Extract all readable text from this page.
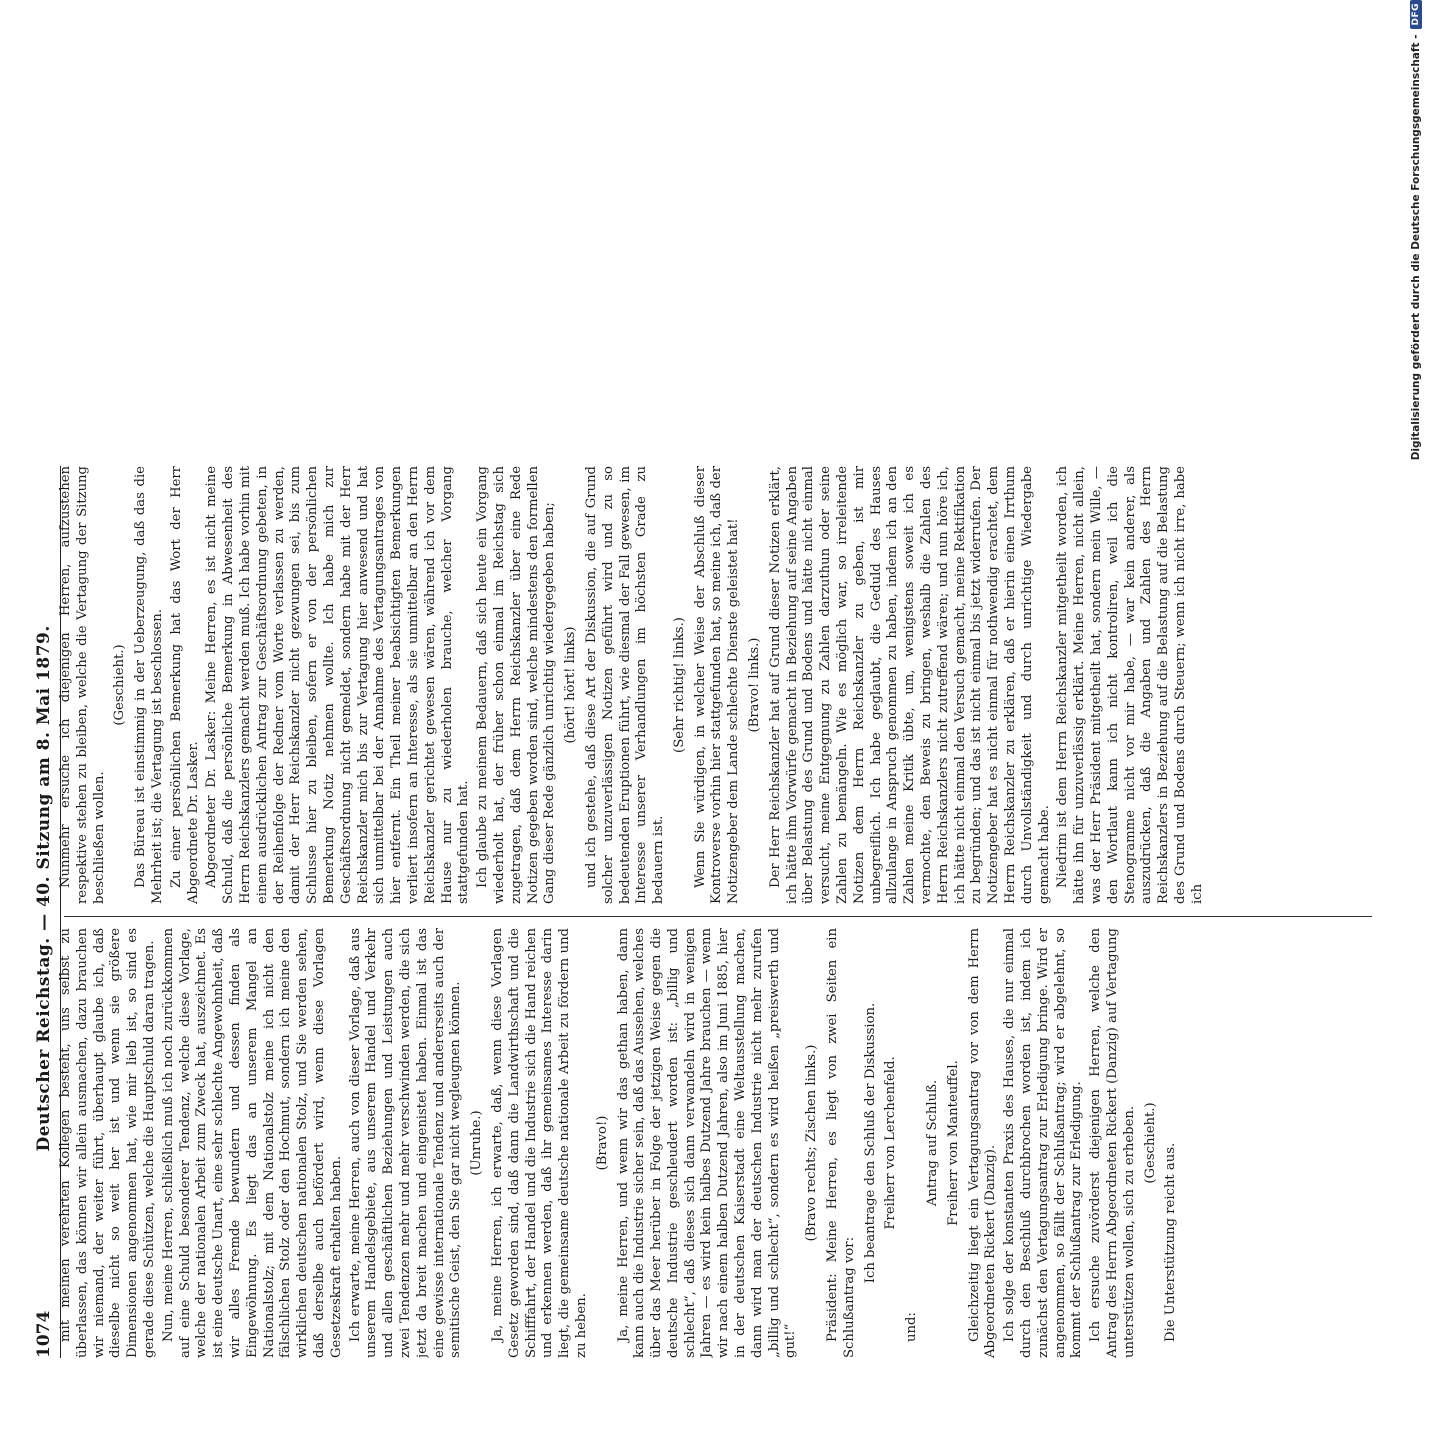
1074
Deutscher Reichstag. — 40. Sitzung am 8. Mai 1879. mit meinen verehrten Kollegen besteht, uns selbst zu überlassen, das können wir allein ausmachen, dazu brauchen wir niemand, der weiter führt, überhaupt glaube ich, daß dieselbe nicht so weit her ist und wenn sie größere Dimensionen angenommen hat, wie mir lieb ist, so sind es gerade diese Schützen, welche die Hauptschuld daran tragen. Nun, meine Herren, schließlich muß ich noch zurückkommen auf eine Schuld besonderer Tendenz, welche diese Vorlage, welche der nationalen Arbeit zum Zweck hat, auszeichnet. Es ist eine deutsche Unart, eine sehr schlechte Angewohnheit, daß wir alles Fremde bewundern und dessen finden als Eingewöhnung. Es liegt das an unserem Mangel an Nationalstolz; mit dem Nationalstolz meine ich nicht den fälschlichen Stolz oder den Hochmut, sondern ich meine den wirklichen deutschen nationalen Stolz, und Sie werden sehen, daß derselbe auch befördert wird, wenn diese Vorlagen Gesetzeskraft erhalten haben. Ich erwarte, meine Herren, auch von dieser Vorlage, daß aus unserem Handelsgebiete, aus unserem Handel und Verkehr und allen geschäftlichen Beziehungen und Leistungen auch zwei Tendenzen mehr und mehr verschwinden werden, die sich jetzt da breit machen und eingenistet haben. Einmal ist das eine gewisse internationale Tendenz und andererseits auch der semitische Geist, den Sie gar nicht wegleugnen können. (Unruhe.) Ja, meine Herren, ich erwarte, daß, wenn diese Vorlagen Gesetz geworden sind, daß dann die Landwirthschaft und die Schifffahrt, der Handel und die Industrie sich die Hand reichen und erkennen werden, daß ihr gemeinsames Interesse darin liegt, die gemeinsame deutsche nationale Arbeit zu fördern und zu heben.

(Bravo!) Ja, meine Herren, und wenn wir das gethan haben, dann kann auch die Industrie sicher sein, daß das Aussehen, welches über das Meer herüber in Folge der jetzigen Weise gegen die deutsche Industrie geschleudert worden ist: „billig und schlecht“, daß dieses sich dann verwandeln wird in wenigen Jahren — es wird kein halbes Dutzend Jahre brauchen — wenn wir nach einem halben Dutzend Jahren, also im Juni 1885, hier in der deutschen Kaiserstadt eine Weltausstellung machen, dann wird man der deutschen Industrie nicht mehr zurufen „billig und schlecht“, sondern es wird heißen „preiswerth und gut!“

(Bravo rechts; Zischen links.) Präsident: Meine Herren, es liegt von zwei Seiten ein Schlußantrag vor:

Ich beantrage den Schluß der Diskussion. Freiherr von Lerchenfeld.

und:

Antrag auf Schluß. Freiherr von Manteuffel. Gleichzeitig liegt ein Vertagungsantrag vor von dem Herrn Abgeordneten Rickert (Danzig). Ich solge der konstanten Praxis des Hauses, die nur einmal durch den Beschluß durchbrochen worden ist, indem ich zunächst den Vertagungsantrag zur Erledigung bringe. Wird er angenommen, so fällt der Schlußantrag; wird er abgelehnt, so kommt der Schlußantrag zur Erledigung. Ich ersuche zuvörderst diejenigen Herren, welche den Antrag des Herrn Abgeordneten Rickert (Danzig) auf Vertagung unterstützen wollen, sich zu erheben. (Geschieht.) Die Unterstützung reicht aus.

Nunmehr ersuche ich diejenigen Herren, aufzustehen respektive stehen zu bleiben, welche die Vertagung der Sitzung beschließen wollen.

(Geschieht.) Das Büreau ist einstimmig in der Ueberzeugung, daß das die Mehrheit ist; die Vertagung ist beschlossen. Zu einer persönlichen Bemerkung hat das Wort der Herr Abgeordnete Dr. Lasker. Abgeordneter Dr. Lasker: Meine Herren, es ist nicht meine Schuld, daß die persönliche Bemerkung in Abwesenheit des Herrn Reichskanzlers gemacht werden muß. Ich habe vorhin mit einem ausdrücklichen Antrag zur Geschäftsordnung gebeten, in der Reihenfolge der Redner vom Worte verlassen zu werden, damit der Herr Reichskanzler nicht gezwungen sei, bis zum Schlusse hier zu bleiben, sofern er von der persönlichen Bemerkung Notiz nehmen wollte. Ich habe mich zur Geschäftsordnung nicht gemeldet, sondern habe mit der Herr Reichskanzler mich bis zur Vertagung hier anwesend und hat sich unmittelbar bei der Annahme des Vertagungsantrages von hier entfernt. Ein Theil meiner beabsichtigten Bemerkungen verliert insofern an Interesse, als sie unmittelbar an den Herrn Reichskanzler gerichtet gewesen wären, während ich vor dem Hause nur zu wiederholen brauche, welcher Vorgang stattgefunden hat. Ich glaube zu meinem Bedauern, daß sich heute ein Vorgang wiederholt hat, der früher schon einmal im Reichstag sich zugetragen, daß dem Herrn Reichskanzler über eine Rede Notizen gegeben worden sind, welche mindestens den formellen Gang dieser Rede gänzlich unrichtig wiedergegeben haben; (hört! hört! links) und ich gestehe, daß diese Art der Diskussion, die auf Grund solcher unzuverlässigen Notizen geführt wird und zu so bedeutenden Eruptionen führt, wie diesmal der Fall gewesen, im Interesse unserer Verhandlungen im höchsten Grade zu bedauern ist.

(Sehr richtig! links.) Wenn Sie würdigen, in welcher Weise der Abschluß dieser Kontroverse vorhin hier stattgefunden hat, so meine ich, daß der Notizengeber dem Lande schlechte Dienste geleistet hat! (Bravo! links.) Der Herr Reichskanzler hat auf Grund dieser Notizen erklärt, ich hätte ihm Vorwürfe gemacht in Beziehung auf seine Angaben über Belastung des Grund und Bodens und hätte nicht einmal versucht, meine Entgegnung zu Zahlen darzuthun oder seine Zahlen zu bemängeln. Wie es möglich war, so irreleitende Notizen dem Herrn Reichskanzler zu geben, ist mir unbegreiflich. Ich habe geglaubt, die Geduld des Hauses allzulange in Anspruch genommen zu haben, indem ich an den Zahlen meine Kritik übte, um, wenigstens soweit ich es vermochte, den Beweis zu bringen, weshalb die Zahlen des Herrn Reichskanzlers nicht zutreffend wären; und nun höre ich, ich hätte nicht einmal den Versuch gemacht, meine Rektifikation zu begründen; und das ist nicht einmal bis jetzt widerrufen. Der Notizengeber hat es nicht einmal für nothwendig erachtet, dem Herrn Reichskanzler zu erklären, daß er hierin einen Irrthum durch Unvollständigkeit und durch unrichtige Wiedergabe gemacht habe. Niedrim ist dem Herrn Reichskanzler mitgetheilt worden, ich hätte ihn für unzuverlässig erklärt. Meine Herren, nicht allein, was der Herr Präsident mitgetheilt hat, sondern mein Wille, — den Wortlaut kann ich nicht kontroliren, weil ich die Stenogramme nicht vor mir habe, — war kein anderer, als auszudrücken, daß die Angaben und Zahlen des Herrn Reichskanzlers in Beziehung auf die Belastung auf die Belastung des Grund und Bodens durch Steuern; wenn ich nicht irre, habe ich

Digitalisierung gefördert durch die Deutsche Forschungsgemeinschaft -
DFG
